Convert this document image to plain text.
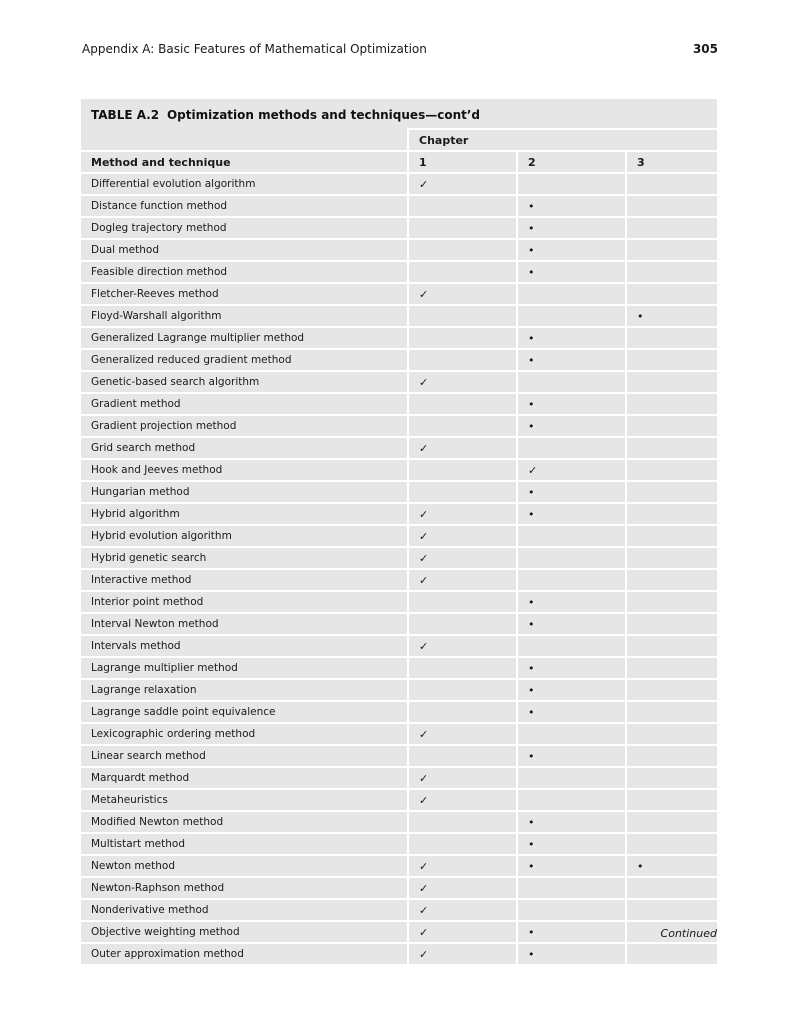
Appendix A: Basic Features of Mathematical Optimization	305
TABLE A.2 Optimization methods and techniques—cont’d
	Chapter		
Method and technique	1	2	3
Differential evolution algorithm	✓		
Distance function method		•	
Dogleg trajectory method		•	
Dual method		•	
Feasible direction method		•	
Fletcher-Reeves method	✓		
Floyd-Warshall algorithm			•
Generalized Lagrange multiplier method		•	
Generalized reduced gradient method		•	
Genetic-based search algorithm	✓		
Gradient method		•	
Gradient projection method		•	
Grid search method	✓		
Hook and Jeeves method		✓	
Hungarian method		•	
Hybrid algorithm	✓	•	
Hybrid evolution algorithm	✓		
Hybrid genetic search	✓		
Interactive method	✓		
Interior point method		•	
Interval Newton method		•	
Intervals method	✓		
Lagrange multiplier method		•	
Lagrange relaxation		•	
Lagrange saddle point equivalence		•	
Lexicographic ordering method	✓		
Linear search method		•	
Marquardt method	✓		
Metaheuristics	✓		
Modified Newton method		•	
Multistart method		•	
Newton method	✓	•	•
Newton-Raphson method	✓		
Nonderivative method	✓		
Objective weighting method	✓	•	
Outer approximation method	✓	•	
Continued
